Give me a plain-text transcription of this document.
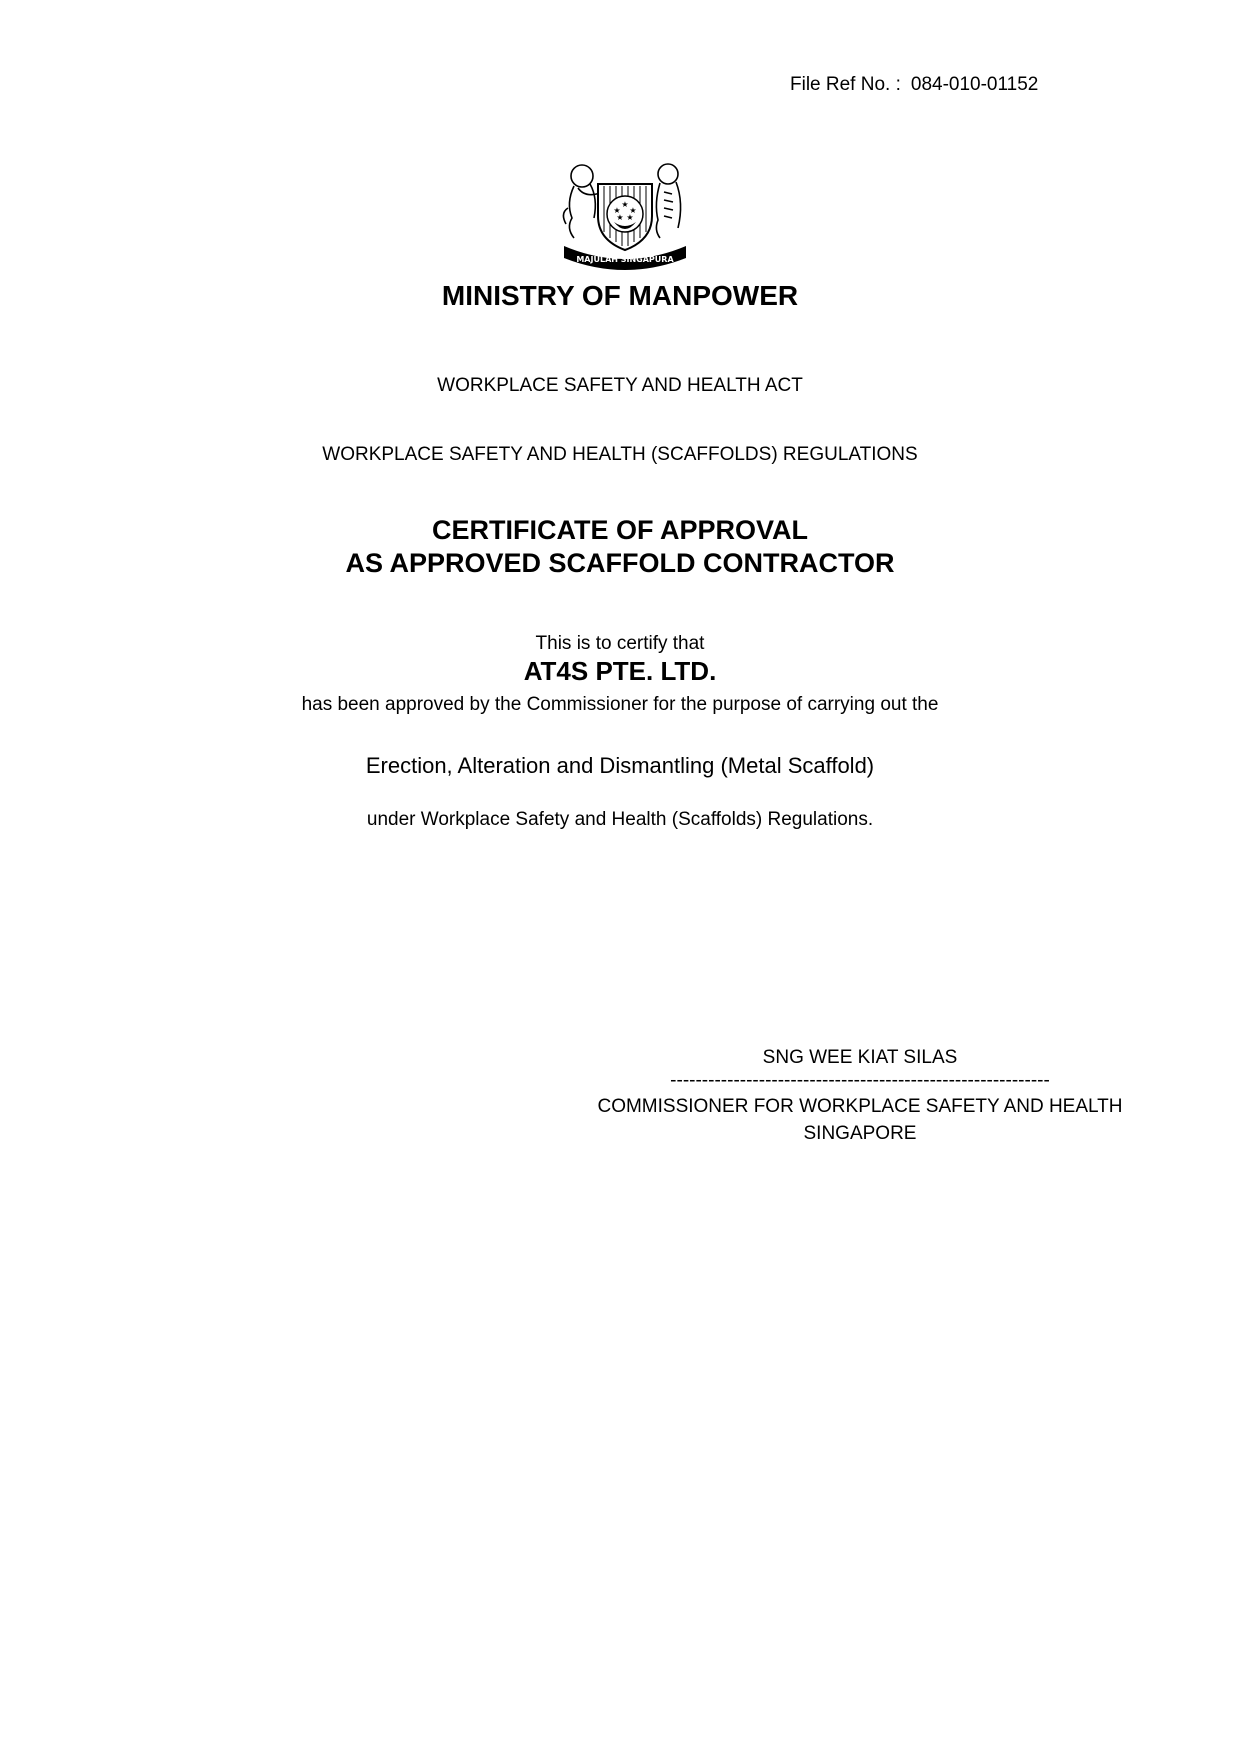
File Ref No. : 084-010-01152
★
★ ★
★ ★
MAJULAH SINGAPURA
MINISTRY OF MANPOWER
WORKPLACE SAFETY AND HEALTH ACT
WORKPLACE SAFETY AND HEALTH (SCAFFOLDS) REGULATIONS
CERTIFICATE OF APPROVAL
AS APPROVED SCAFFOLD CONTRACTOR
This is to certify that
AT4S PTE. LTD.
has been approved by the Commissioner for the purpose of carrying out the
Erection, Alteration and Dismantling (Metal Scaffold)
under Workplace Safety and Health (Scaffolds) Regulations.
SNG WEE KIAT SILAS
------------------------------------------------------------
COMMISSIONER FOR WORKPLACE SAFETY AND HEALTH
SINGAPORE
